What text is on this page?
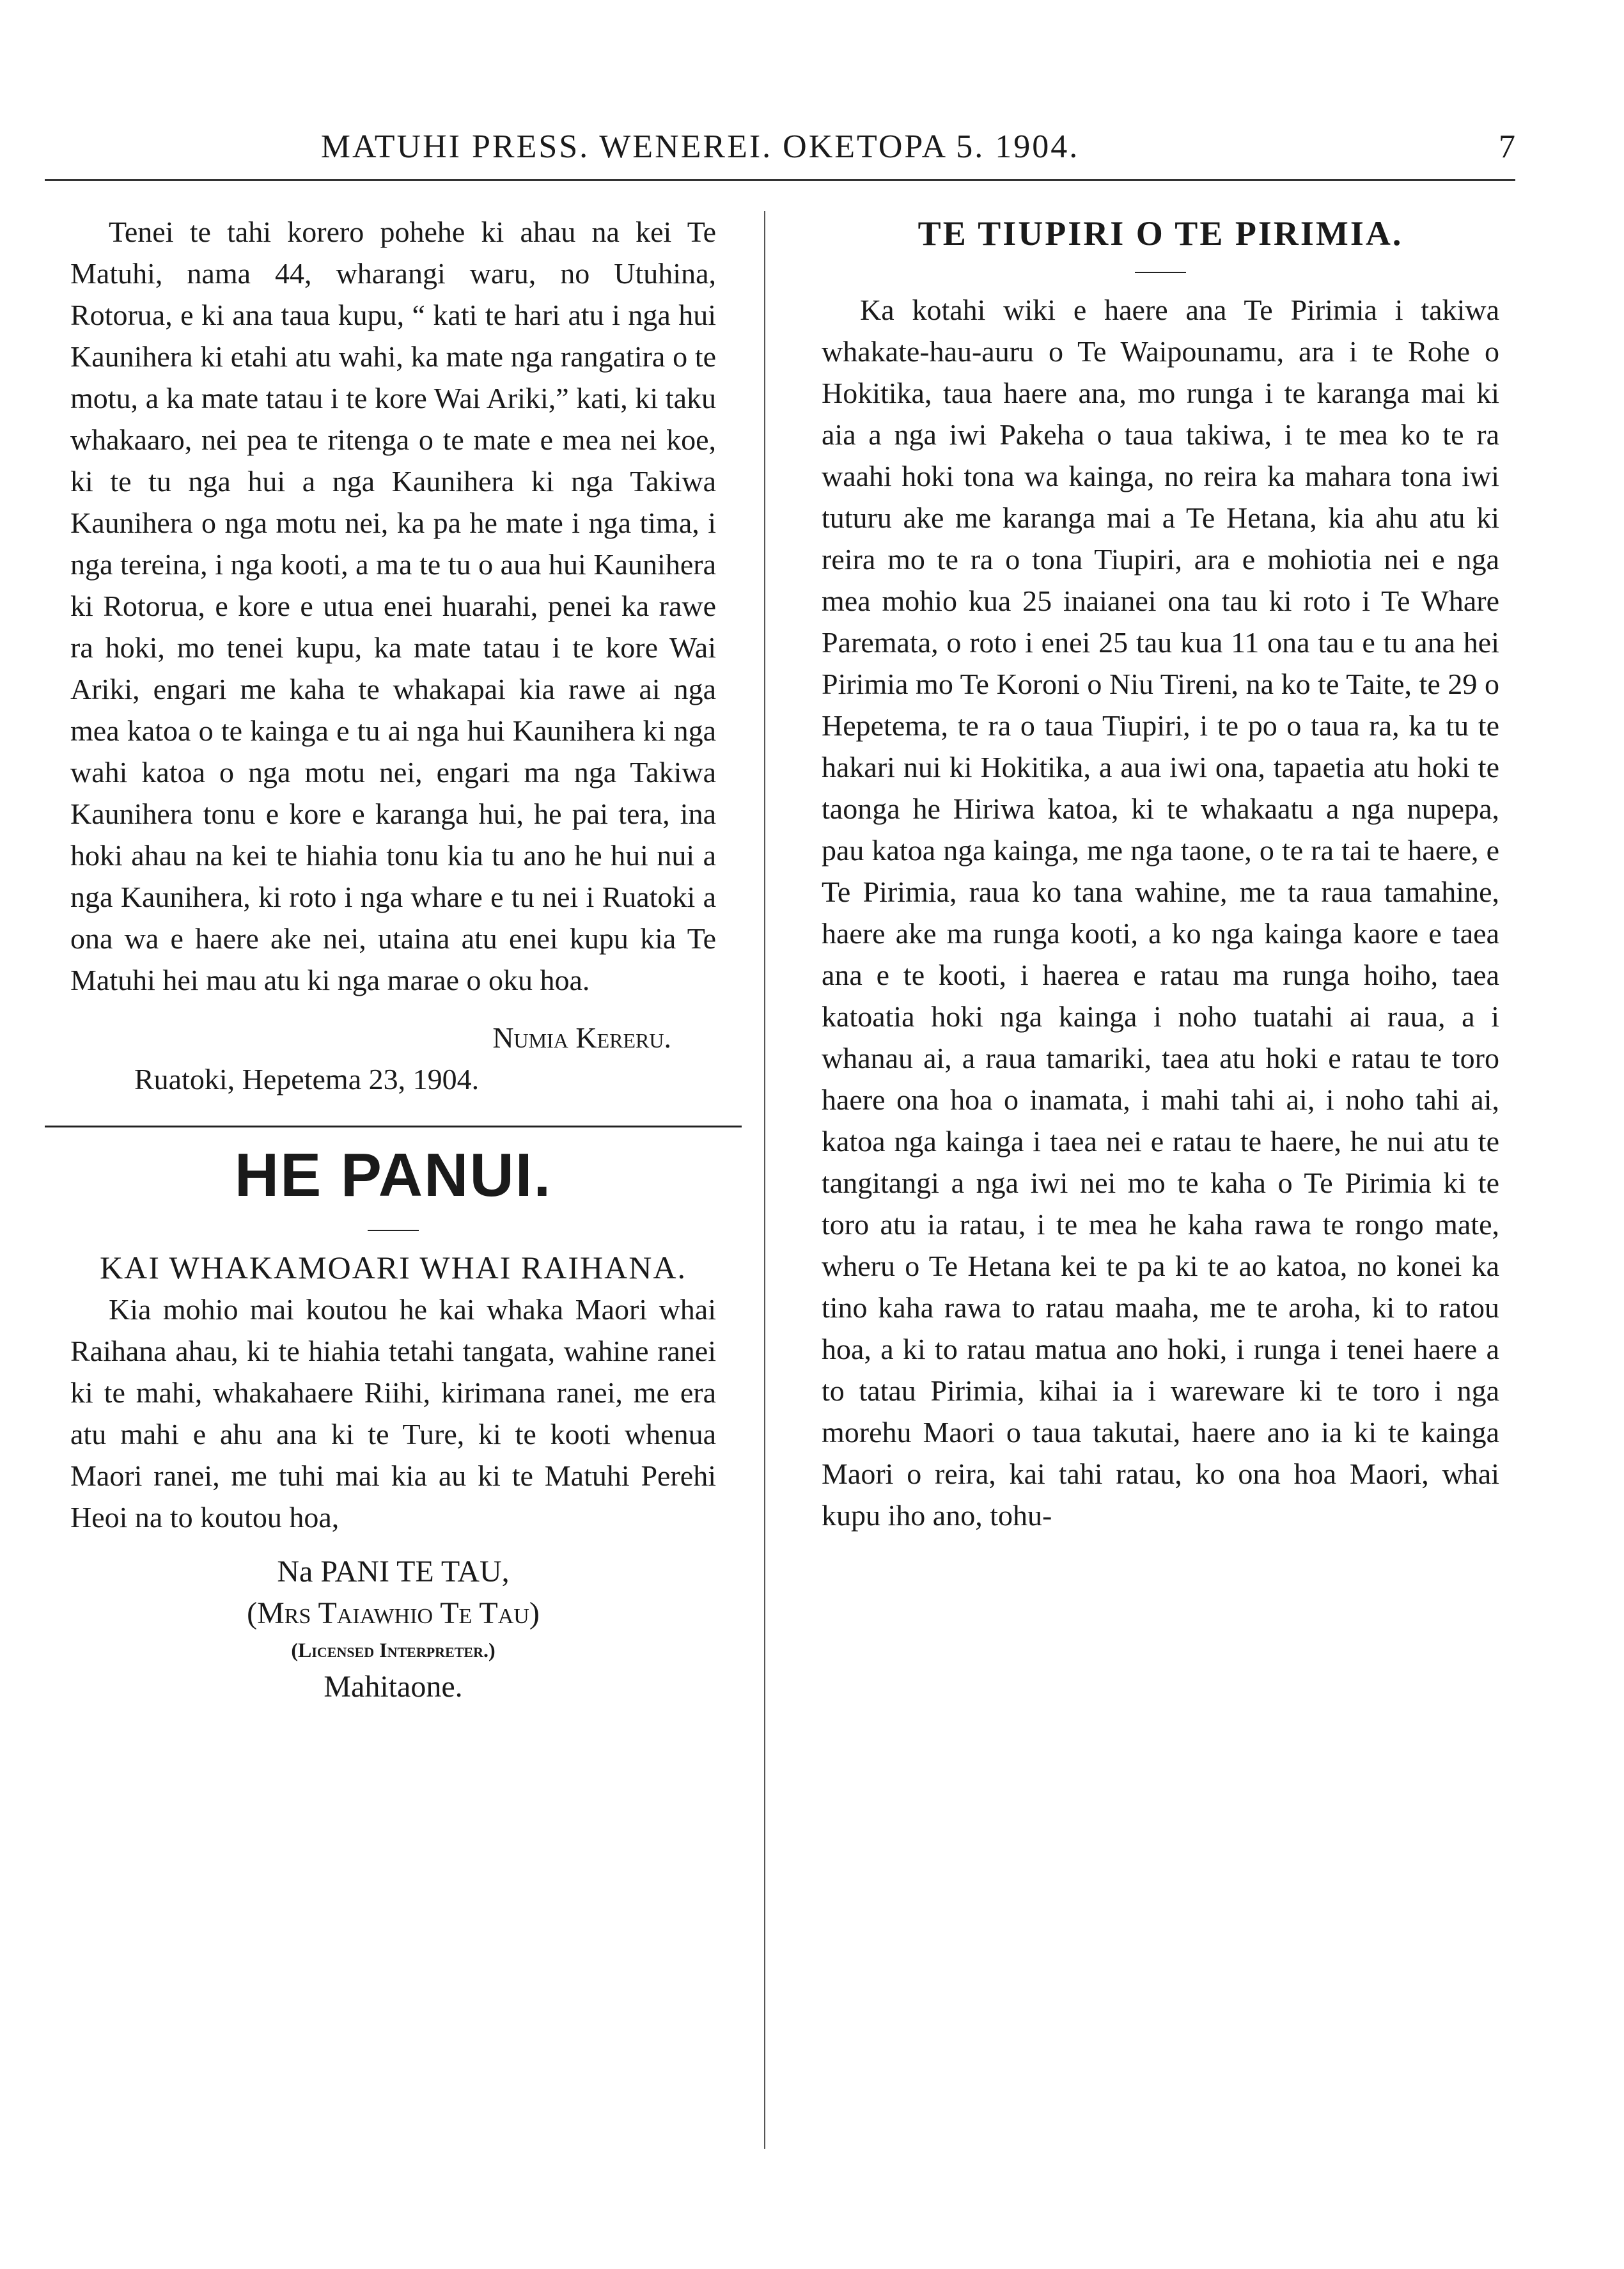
MATUHI PRESS. WENEREI. OKETOPA 5. 1904.	7

Tenei te tahi korero pohehe ki ahau na kei Te Matuhi, nama 44, wharangi waru, no Utuhina, Rotorua, e ki ana taua kupu, “ kati te hari atu i nga hui Kaunihera ki etahi atu wahi, ka mate nga rangatira o te motu, a ka mate tatau i te kore Wai Ariki,” kati, ki taku whakaaro, nei pea te ritenga o te mate e mea nei koe, ki te tu nga hui a nga Kaunihera ki nga Takiwa Kaunihera o nga motu nei, ka pa he mate i nga tima, i nga tereina, i nga kooti, a ma te tu o aua hui Kaunihera ki Rotorua, e kore e utua enei huarahi, penei ka rawe ra hoki, mo tenei kupu, ka mate tatau i te kore Wai Ariki, engari me kaha te whakapai kia rawe ai nga mea katoa o te kainga e tu ai nga hui Kaunihera ki nga wahi katoa o nga motu nei, engari ma nga Takiwa Kaunihera tonu e kore e karanga hui, he pai tera, ina hoki ahau na kei te hiahia tonu kia tu ano he hui nui a nga Kaunihera, ki roto i nga whare e tu nei i Ruatoki a ona wa e haere ake nei, utaina atu enei kupu kia Te Matuhi hei mau atu ki nga marae o oku hoa.

Numia Kereru.

Ruatoki, Hepetema 23, 1904.

HE PANUI.

KAI WHAKAMOARI WHAI RAIHANA.

Kia mohio mai koutou he kai whaka Maori whai Raihana ahau, ki te hiahia tetahi tangata, wahine ranei ki te mahi, whakahaere Riihi, kirimana ranei, me era atu mahi e ahu ana ki te Ture, ki te kooti whenua Maori ranei, me tuhi mai kia au ki te Matuhi Perehi Heoi na to koutou hoa,

Na PANI TE TAU,

(Mrs Taiawhio Te Tau)

(Licensed Interpreter.)

Mahitaone.

TE TIUPIRI O TE PIRIMIA.

Ka kotahi wiki e haere ana Te Pirimia i takiwa whakate-hau-auru o Te Waipounamu, ara i te Rohe o Hokitika, taua haere ana, mo runga i te karanga mai ki aia a nga iwi Pakeha o taua takiwa, i te mea ko te ra waahi hoki tona wa kainga, no reira ka mahara tona iwi tuturu ake me karanga mai a Te Hetana, kia ahu atu ki reira mo te ra o tona Tiupiri, ara e mohiotia nei e nga mea mohio kua 25 inaianei ona tau ki roto i Te Whare Paremata, o roto i enei 25 tau kua 11 ona tau e tu ana hei Pirimia mo Te Koroni o Niu Tireni, na ko te Taite, te 29 o Hepetema, te ra o taua Tiupiri, i te po o taua ra, ka tu te hakari nui ki Hokitika, a aua iwi ona, tapaetia atu hoki te taonga he Hiriwa katoa, ki te whakaatu a nga nupepa, pau katoa nga kainga, me nga taone, o te ra tai te haere, e Te Pirimia, raua ko tana wahine, me ta raua tamahine, haere ake ma runga kooti, a ko nga kainga kaore e taea ana e te kooti, i haerea e ratau ma runga hoiho, taea katoatia hoki nga kainga i noho tuatahi ai raua, a i whanau ai, a raua tamariki, taea atu hoki e ratau te toro haere ona hoa o inamata, i mahi tahi ai, i noho tahi ai, katoa nga kainga i taea nei e ratau te haere, he nui atu te tangitangi a nga iwi nei mo te kaha o Te Pirimia ki te toro atu ia ratau, i te mea he kaha rawa te rongo mate, wheru o Te Hetana kei te pa ki te ao katoa, no konei ka tino kaha rawa to ratau maaha, me te aroha, ki to ratou hoa, a ki to ratau matua ano hoki, i runga i tenei haere a to tatau Pirimia, kihai ia i wareware ki te toro i nga morehu Maori o taua takutai, haere ano ia ki te kainga Maori o reira, kai tahi ratau, ko ona hoa Maori, whai kupu iho ano, tohu-
